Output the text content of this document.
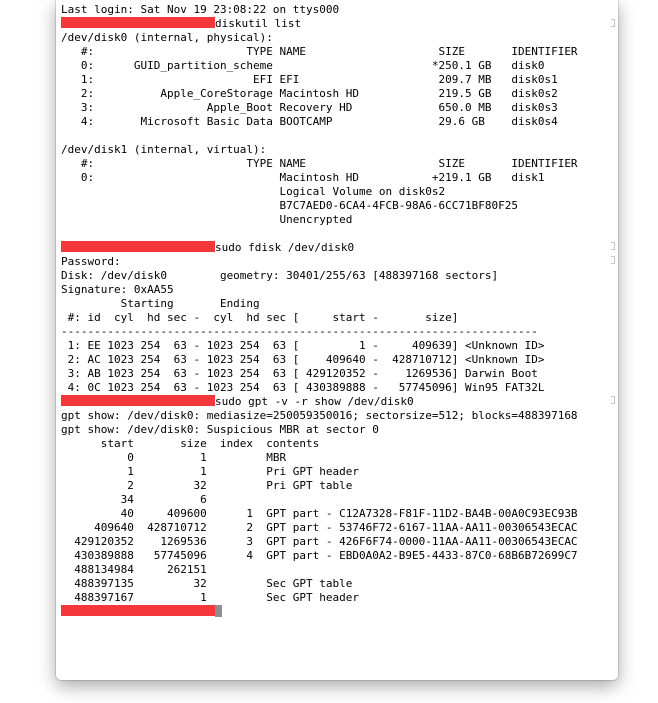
Last login: Sat Nov 19 23:08:22 on ttys000
diskutil list
/dev/disk0 (internal, physical):
#:                       TYPE NAME                    SIZE       IDENTIFIER
0:      GUID_partition_scheme                        *250.1 GB   disk0
1:                        EFI EFI                     209.7 MB   disk0s1
2:          Apple_CoreStorage Macintosh HD            219.5 GB   disk0s2
3:                 Apple_Boot Recovery HD             650.0 MB   disk0s3
4:       Microsoft Basic Data BOOTCAMP                29.6 GB    disk0s4
/dev/disk1 (internal, virtual):
#:                       TYPE NAME                    SIZE       IDENTIFIER
0:                            Macintosh HD           +219.1 GB   disk1
Logical Volume on disk0s2
B7C7AED0-6CA4-4FCB-98A6-6CC71BF80F25
Unencrypted
sudo fdisk /dev/disk0
Password:
Disk: /dev/disk0        geometry: 30401/255/63 [488397168 sectors]
Signature: 0xAA55
Starting       Ending
#: id  cyl  hd sec -  cyl  hd sec [     start -       size]
------------------------------------------------------------------------
1: EE 1023 254  63 - 1023 254  63 [         1 -     409639] <Unknown ID>
2: AC 1023 254  63 - 1023 254  63 [    409640 -  428710712] <Unknown ID>
3: AB 1023 254  63 - 1023 254  63 [ 429120352 -    1269536] Darwin Boot
4: 0C 1023 254  63 - 1023 254  63 [ 430389888 -   57745096] Win95 FAT32L
sudo gpt -v -r show /dev/disk0
gpt show: /dev/disk0: mediasize=250059350016; sectorsize=512; blocks=488397168
gpt show: /dev/disk0: Suspicious MBR at sector 0
start       size  index  contents
0          1         MBR
1          1         Pri GPT header
2         32         Pri GPT table
34          6
40     409600      1  GPT part - C12A7328-F81F-11D2-BA4B-00A0C93EC93B
409640  428710712      2  GPT part - 53746F72-6167-11AA-AA11-00306543ECAC
429120352    1269536      3  GPT part - 426F6F74-0000-11AA-AA11-00306543ECAC
430389888   57745096      4  GPT part - EBD0A0A2-B9E5-4433-87C0-68B6B72699C7
488134984     262151
488397135         32         Sec GPT table
488397167          1         Sec GPT header
